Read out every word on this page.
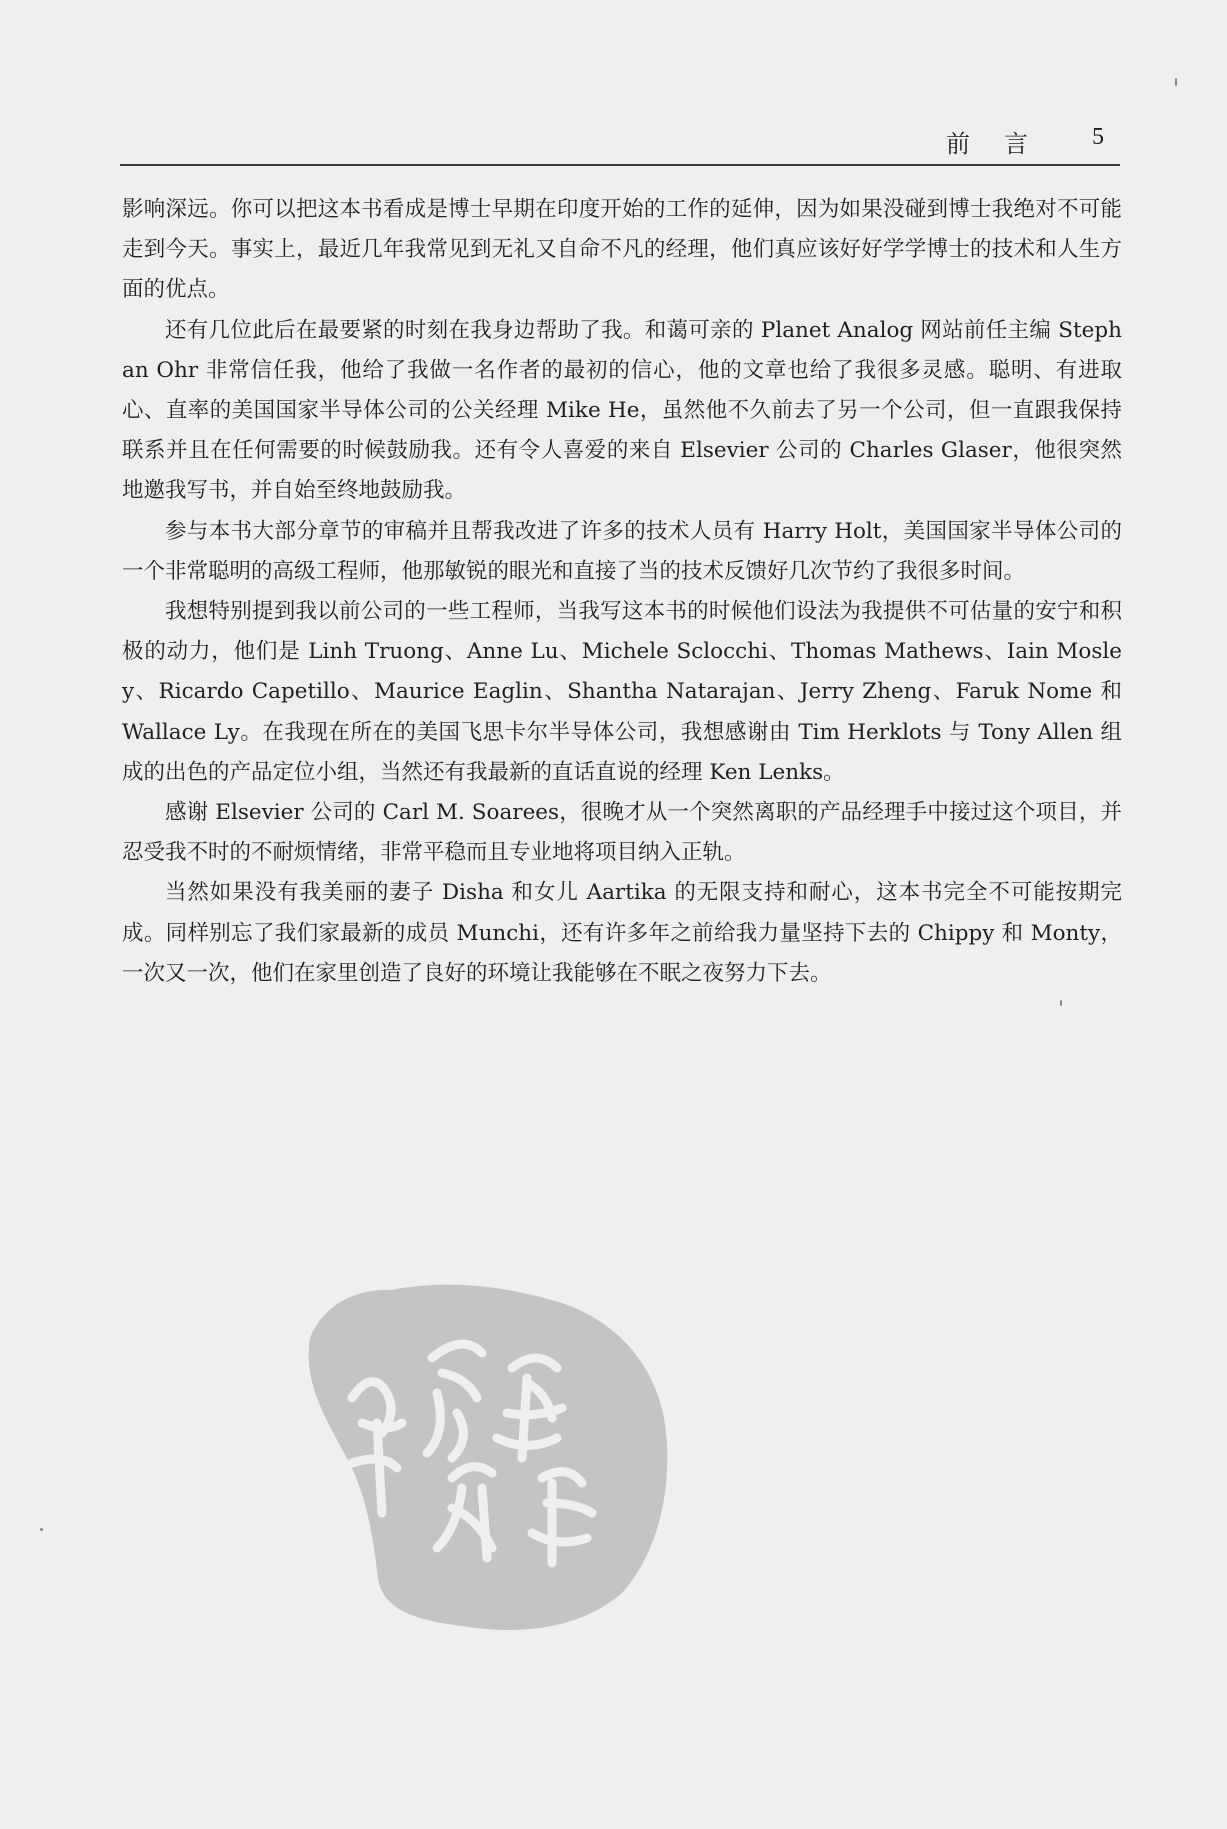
前言 5

影响深远。你可以把这本书看成是博士早期在印度开始的工作的延伸，因为如果没碰到博士我绝对不可能走到今天。事实上，最近几年我常见到无礼又自命不凡的经理，他们真应该好好学学博士的技术和人生方面的优点。

还有几位此后在最要紧的时刻在我身边帮助了我。和蔼可亲的 Planet Analog 网站前任主编 Stephan Ohr 非常信任我，他给了我做一名作者的最初的信心，他的文章也给了我很多灵感。聪明、有进取心、直率的美国国家半导体公司的公关经理 Mike He，虽然他不久前去了另一个公司，但一直跟我保持联系并且在任何需要的时候鼓励我。还有令人喜爱的来自 Elsevier 公司的 Charles Glaser，他很突然地邀我写书，并自始至终地鼓励我。

参与本书大部分章节的审稿并且帮我改进了许多的技术人员有 Harry Holt，美国国家半导体公司的一个非常聪明的高级工程师，他那敏锐的眼光和直接了当的技术反馈好几次节约了我很多时间。

我想特别提到我以前公司的一些工程师，当我写这本书的时候他们设法为我提供不可估量的安宁和积极的动力，他们是 Linh Truong、Anne Lu、Michele Sclocchi、Thomas Mathews、Iain Mosley、Ricardo Capetillo、Maurice Eaglin、Shantha Natarajan、Jerry Zheng、Faruk Nome 和 Wallace Ly。在我现在所在的美国飞思卡尔半导体公司，我想感谢由 Tim Herklots 与 Tony Allen 组成的出色的产品定位小组，当然还有我最新的直话直说的经理 Ken Lenks。

感谢 Elsevier 公司的 Carl M. Soarees，很晚才从一个突然离职的产品经理手中接过这个项目，并忍受我不时的不耐烦情绪，非常平稳而且专业地将项目纳入正轨。

当然如果没有我美丽的妻子 Disha 和女儿 Aartika 的无限支持和耐心，这本书完全不可能按期完成。同样别忘了我们家最新的成员 Munchi，还有许多年之前给我力量坚持下去的 Chippy 和 Monty，一次又一次，他们在家里创造了良好的环境让我能够在不眠之夜努力下去。
